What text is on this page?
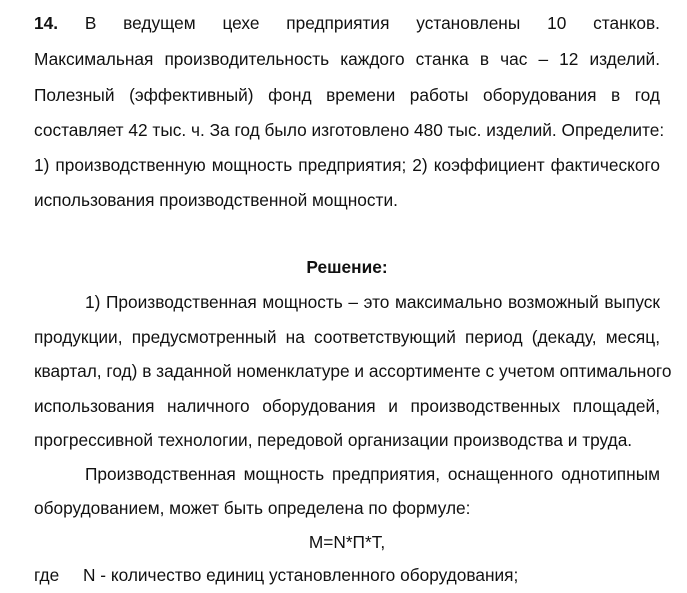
14. В ведущем цехе предприятия установлены 10 станков.
Максимальная производительность каждого станка в час – 12 изделий.
Полезный (эффективный) фонд времени работы оборудования в год
составляет 42 тыс. ч. За год было изготовлено 480 тыс. изделий. Определите:
1) производственную мощность предприятия; 2) коэффициент фактического
использования производственной мощности.
Решение:
1) Производственная мощность – это максимально возможный выпуск
продукции, предусмотренный на соответствующий период (декаду, месяц,
квартал, год) в заданной номенклатуре и ассортименте с учетом оптимального
использования наличного оборудования и производственных площадей,
прогрессивной технологии, передовой организации производства и труда.
Производственная мощность предприятия, оснащенного однотипным
оборудованием, может быть определена по формуле:
M=N*П*T,
где N - количество единиц установленного оборудования;
